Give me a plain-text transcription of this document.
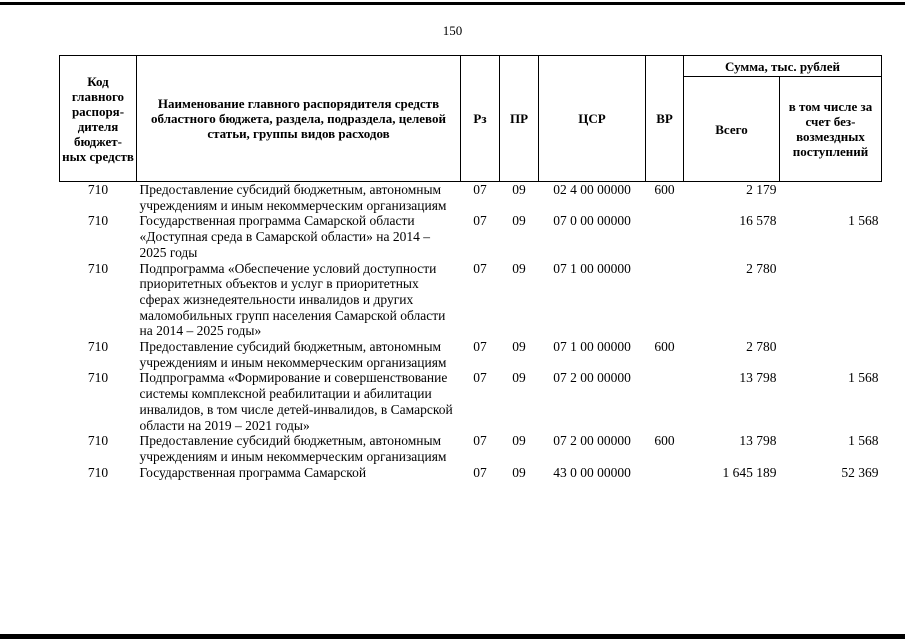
150
Код главного распоря-дителя бюджет-ных средств	Наименование главного распорядителя средств областного бюджета, раздела, подраздела, целевой статьи, группы видов расходов	Рз	ПР	ЦСР	ВР	Сумма, тыс. рублей	
						Всего	в том числе за счет без-возмездных поступлений
710	Предоставление субсидий бюджетным, автономным учреждениям и иным некоммерческим организациям	07	09	02 4 00 00000	600	2 179	
710	Государственная программа Самарской области «Доступная среда в Самарской области» на 2014 – 2025 годы	07	09	07 0 00 00000		16 578	1 568
710	Подпрограмма «Обеспечение условий доступности приоритетных объектов и услуг в приоритетных сферах жизнедеятельности инвалидов и других маломобильных групп населения Самарской области на 2014 – 2025 годы»	07	09	07 1 00 00000		2 780	
710	Предоставление субсидий бюджетным, автономным учреждениям и иным некоммерческим организациям	07	09	07 1 00 00000	600	2 780	
710	Подпрограмма «Формирование и совершенствование системы комплексной реабилитации и абилитации инвалидов, в том числе детей-инвалидов, в Самарской области на 2019 – 2021 годы»	07	09	07 2 00 00000		13 798	1 568
710	Предоставление субсидий бюджетным, автономным учреждениям и иным некоммерческим организациям	07	09	07 2 00 00000	600	13 798	1 568
710	Государственная программа Самарской	07	09	43 0 00 00000		1 645 189	52 369
